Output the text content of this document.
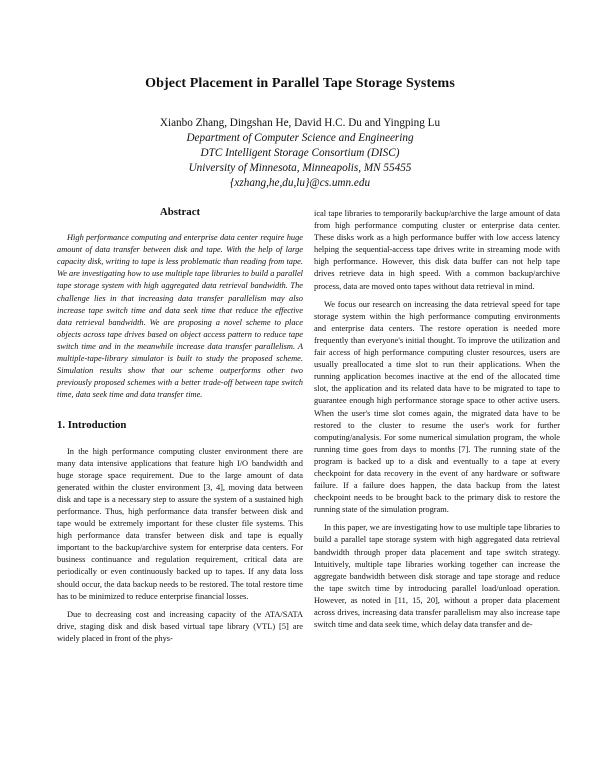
Object Placement in Parallel Tape Storage Systems
Xianbo Zhang, Dingshan He, David H.C. Du and Yingping Lu
Department of Computer Science and Engineering
DTC Intelligent Storage Consortium (DISC)
University of Minnesota, Minneapolis, MN 55455
{xzhang,he,du,lu}@cs.umn.edu
Abstract

High performance computing and enterprise data center require huge amount of data transfer between disk and tape. With the help of large capacity disk, writing to tape is less problematic than reading from tape. We are investigating how to use multiple tape libraries to build a parallel tape storage system with high aggregated data retrieval bandwidth. The challenge lies in that increasing data transfer parallelism may also increase tape switch time and data seek time that reduce the effective data retrieval bandwidth. We are proposing a novel scheme to place objects across tape drives based on object access pattern to reduce tape switch time and in the meanwhile increase data transfer parallelism. A multiple-tape-library simulator is built to study the proposed scheme. Simulation results show that our scheme outperforms other two previously proposed schemes with a better trade-off between tape switch time, data seek time and data transfer time.

1. Introduction

In the high performance computing cluster environment there are many data intensive applications that feature high I/O bandwidth and huge storage space requirement. Due to the large amount of data generated within the cluster environment [3, 4], moving data between disk and tape is a necessary step to assure the system of a sustained high performance. Thus, high performance data transfer between disk and tape would be extremely important for these cluster file systems. This high performance data transfer between disk and tape is equally important to the backup/archive system for enterprise data centers. For business continuance and regulation requirement, critical data are periodically or even continuously backed up to tapes. If any data loss should occur, the data backup needs to be restored. The total restore time has to be minimized to reduce enterprise financial losses.

Due to decreasing cost and increasing capacity of the ATA/SATA drive, staging disk and disk based virtual tape library (VTL) [5] are widely placed in front of the phys-

ical tape libraries to temporarily backup/archive the large amount of data from high performance computing cluster or enterprise data center. These disks work as a high performance buffer with low access latency helping the sequential-access tape drives write in streaming mode with high performance. However, this disk data buffer can not help tape drives retrieve data in high speed. With a common backup/archive process, data are moved onto tapes without data retrieval in mind.

We focus our research on increasing the data retrieval speed for tape storage system within the high performance computing environments and enterprise data centers. The restore operation is needed more frequently than everyone's initial thought. To improve the utilization and fair access of high performance computing cluster resources, users are usually preallocated a time slot to run their applications. When the running application becomes inactive at the end of the allocated time slot, the application and its related data have to be migrated to tape to guarantee enough high performance storage space to other active users. When the user's time slot comes again, the migrated data have to be restored to the cluster to resume the user's work for further computing/analysis. For some numerical simulation program, the whole running time goes from days to months [7]. The running state of the program is backed up to a disk and eventually to a tape at every checkpoint for data recovery in the event of any hardware or software failure. If a failure does happen, the data backup from the latest checkpoint needs to be brought back to the primary disk to restore the running state of the simulation program.

In this paper, we are investigating how to use multiple tape libraries to build a parallel tape storage system with high aggregated data retrieval bandwidth through proper data placement and tape switch strategy. Intuitively, multiple tape libraries working together can increase the aggregate bandwidth between disk storage and tape storage and reduce the tape switch time by introducing parallel load/unload operation. However, as noted in [11, 15, 20], without a proper data placement across drives, increasing data transfer parallelism may also increase tape switch time and data seek time, which delay data transfer and de-
